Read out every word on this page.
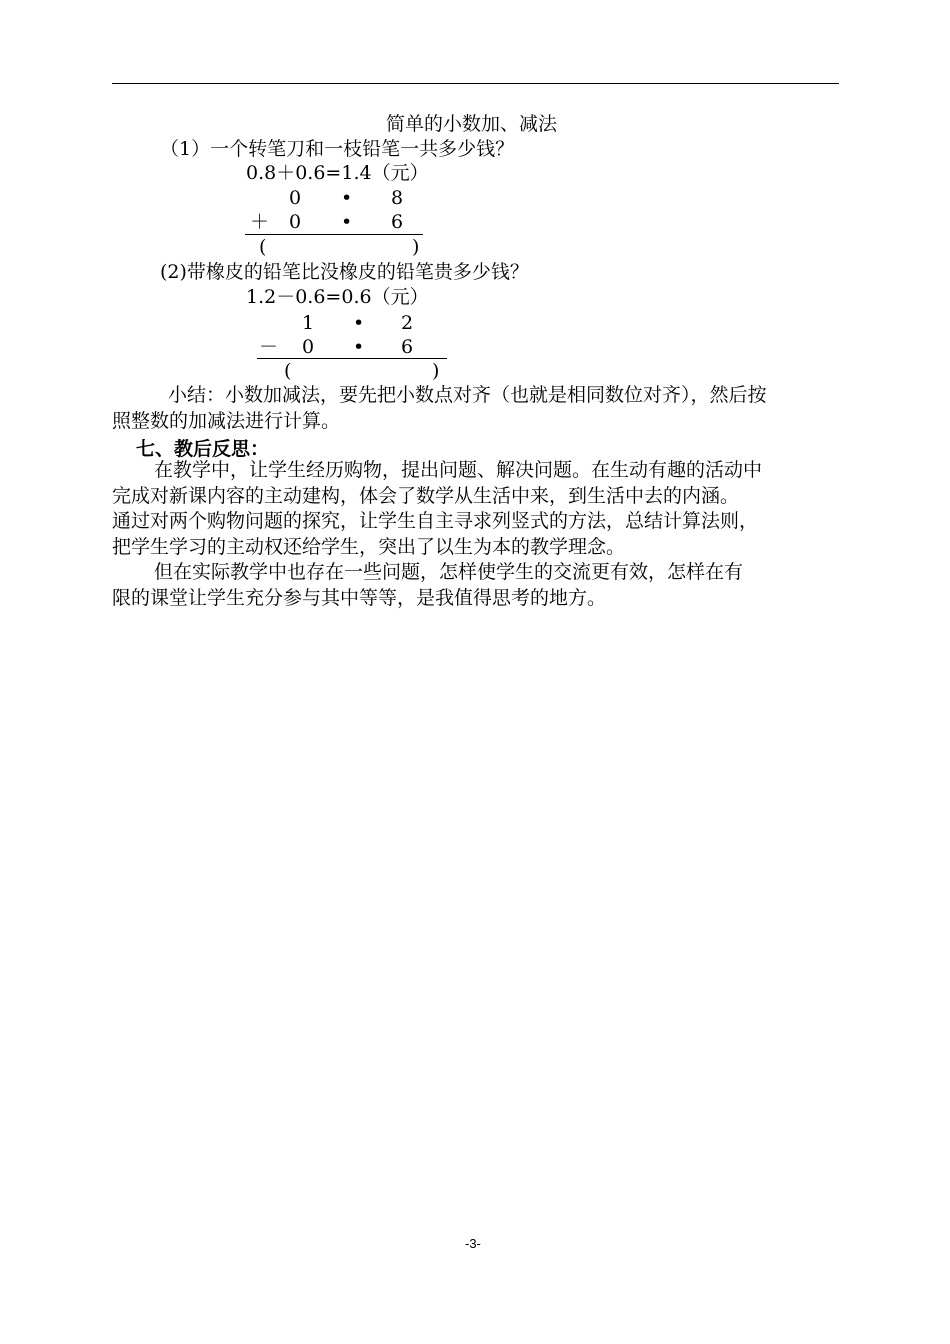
简单的小数加、减法
（1）一个转笔刀和一枝铅笔一共多少钱？
0.8＋0.6=1.4（元）
0 • 8
＋ 0 • 6
(	)
(2)带橡皮的铅笔比没橡皮的铅笔贵多少钱？
1.2－0.6=0.6（元）
1 • 2
－ 0 • 6
(	)
小结：小数加减法，要先把小数点对齐（也就是相同数位对齐），然后按
照整数的加减法进行计算。
七、教后反思：
在教学中，让学生经历购物，提出问题、解决问题。在生动有趣的活动中
完成对新课内容的主动建构，体会了数学从生活中来，到生活中去的内涵。
通过对两个购物问题的探究，让学生自主寻求列竖式的方法，总结计算法则，
把学生学习的主动权还给学生，突出了以生为本的教学理念。
但在实际教学中也存在一些问题，怎样使学生的交流更有效，怎样在有
限的课堂让学生充分参与其中等等，是我值得思考的地方。
-3-
